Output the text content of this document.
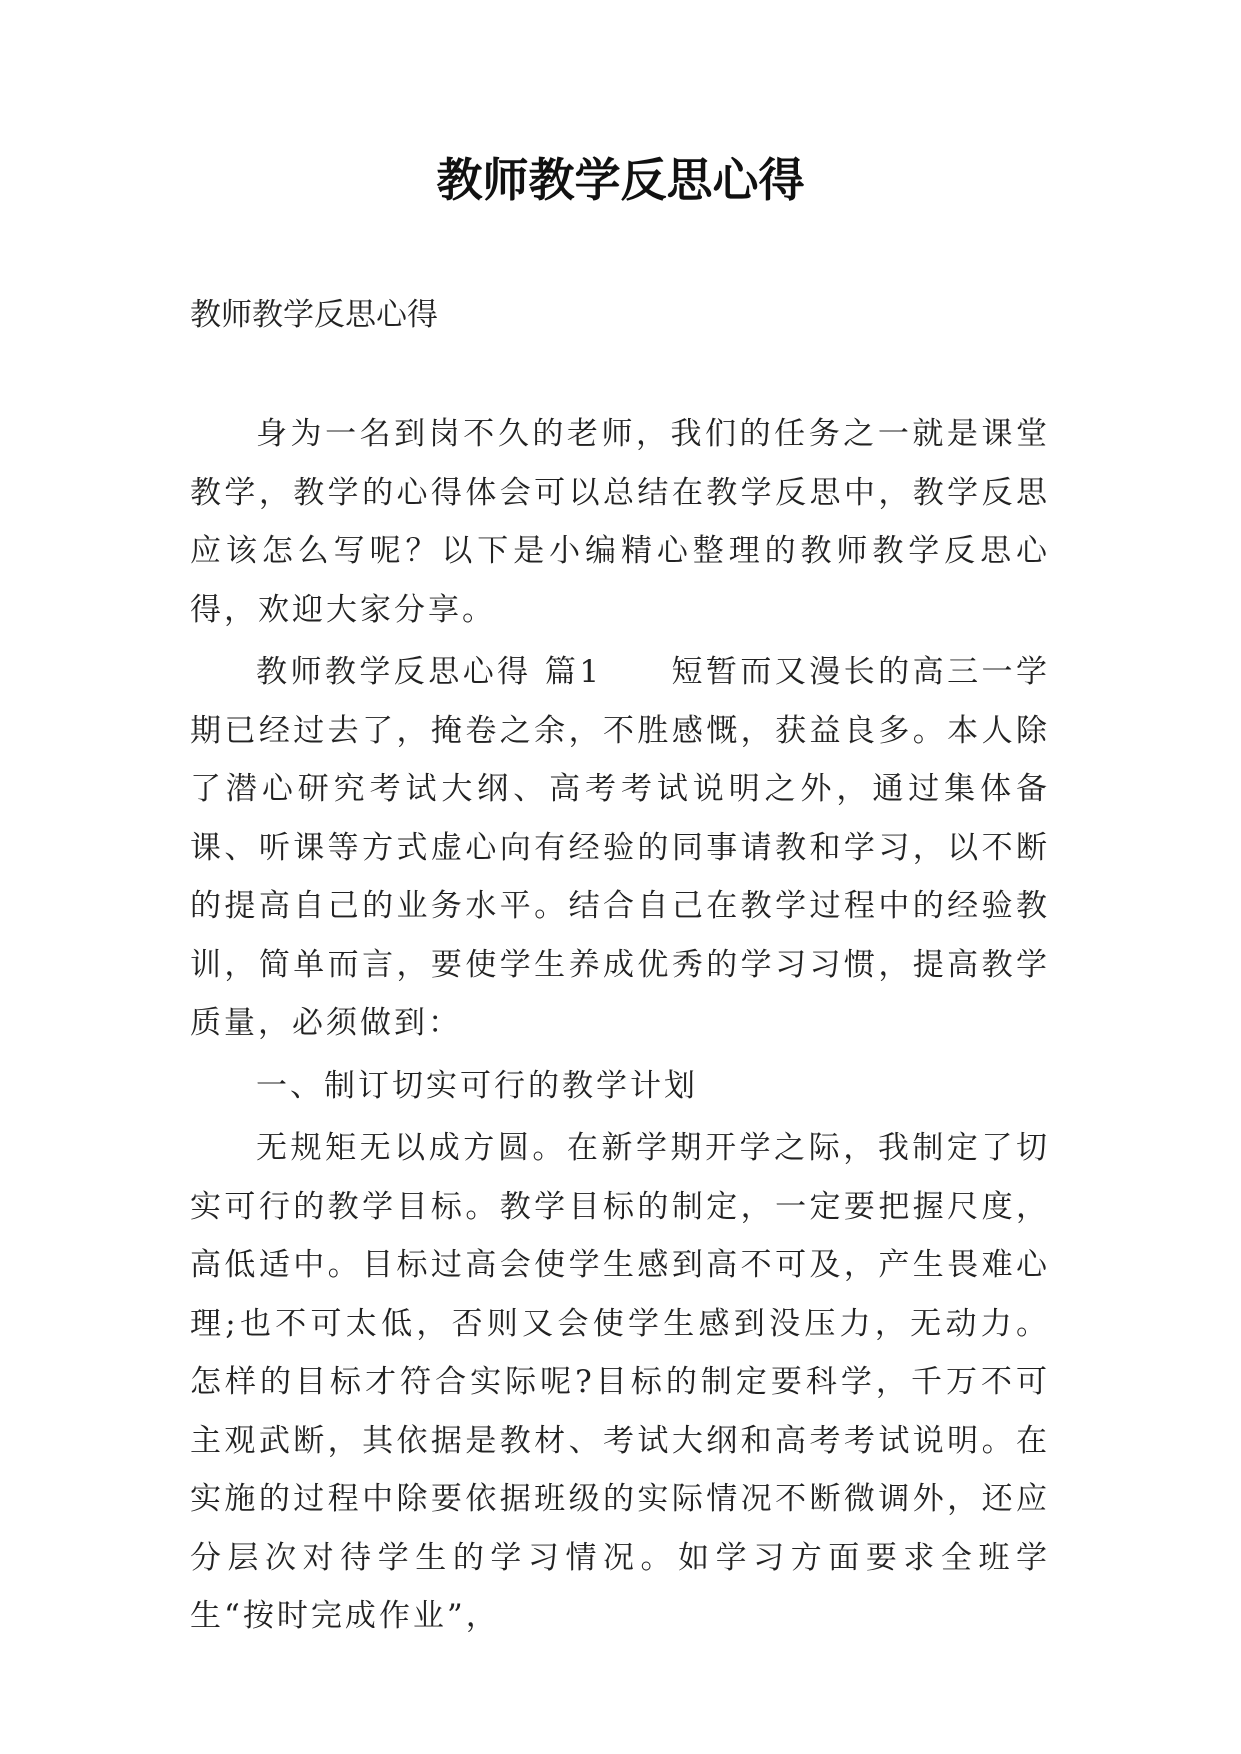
教师教学反思心得
教师教学反思心得

身为一名到岗不久的老师，我们的任务之一就是课堂教学，教学的心得体会可以总结在教学反思中，教学反思应该怎么写呢？以下是小编精心整理的教师教学反思心得，欢迎大家分享。

教师教学反思心得 篇1　　短暂而又漫长的高三一学期已经过去了，掩卷之余，不胜感慨，获益良多。本人除了潜心研究考试大纲、高考考试说明之外，通过集体备课、听课等方式虚心向有经验的同事请教和学习，以不断的提高自己的业务水平。结合自己在教学过程中的经验教训，简单而言，要使学生养成优秀的学习习惯，提高教学质量，必须做到：

一、制订切实可行的教学计划

无规矩无以成方圆。在新学期开学之际，我制定了切实可行的教学目标。教学目标的制定，一定要把握尺度，高低适中。目标过高会使学生感到高不可及，产生畏难心理;也不可太低，否则又会使学生感到没压力，无动力。怎样的目标才符合实际呢?目标的制定要科学，千万不可主观武断，其依据是教材、考试大纲和高考考试说明。在实施的过程中除要依据班级的实际情况不断微调外，还应分层次对待学生的学习情况。如学习方面要求全班学生“按时完成作业”，
